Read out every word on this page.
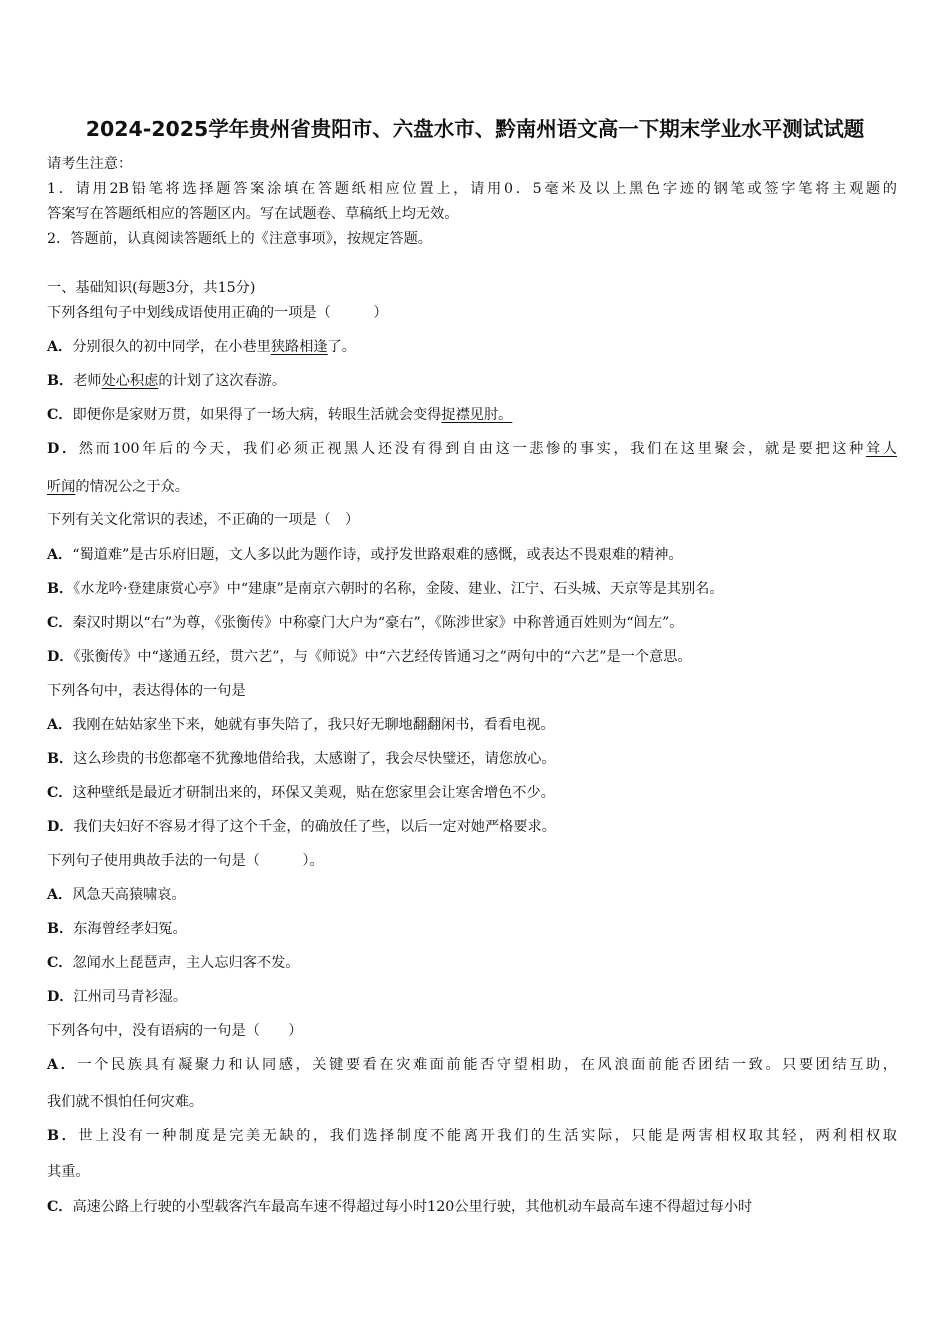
2024-2025学年贵州省贵阳市、六盘水市、黔南州语文高一下期末学业水平测试试题
请考生注意：
1．请用2B铅笔将选择题答案涂填在答题纸相应位置上，请用0．5毫米及以上黑色字迹的钢笔或签字笔将主观题的
答案写在答题纸相应的答题区内。写在试题卷、草稿纸上均无效。
2．答题前，认真阅读答题纸上的《注意事项》，按规定答题。
一、基础知识(每题3分，共15分)
下列各组句子中划线成语使用正确的一项是（　　　）
A．分别很久的初中同学，在小巷里狭路相逢了。
B．老师处心积虑的计划了这次春游。
C．即便你是家财万贯，如果得了一场大病，转眼生活就会变得捉襟见肘。
D．然而100年后的今天，我们必须正视黑人还没有得到自由这一悲惨的事实，我们在这里聚会，就是要把这种耸人
听闻的情况公之于众。
下列有关文化常识的表述，不正确的一项是（　）
A．“蜀道难”是古乐府旧题，文人多以此为题作诗，或抒发世路艰难的感慨，或表达不畏艰难的精神。
B．《水龙吟·登建康赏心亭》中“建康”是南京六朝时的名称，金陵、建业、江宁、石头城、天京等是其别名。
C．秦汉时期以“右”为尊，《张衡传》中称豪门大户为“豪右”，《陈涉世家》中称普通百姓则为“闾左”。
D．《张衡传》中“遂通五经，贯六艺”，与《师说》中“六艺经传皆通习之”两句中的“六艺”是一个意思。
下列各句中，表达得体的一句是
A．我刚在姑姑家坐下来，她就有事失陪了，我只好无聊地翻翻闲书，看看电视。
B．这么珍贵的书您都毫不犹豫地借给我，太感谢了，我会尽快璧还，请您放心。
C．这种壁纸是最近才研制出来的，环保又美观，贴在您家里会让寒舍增色不少。
D．我们夫妇好不容易才得了这个千金，的确放任了些，以后一定对她严格要求。
下列句子使用典故手法的一句是（　　　）。
A．风急天高猿啸哀。
B．东海曾经孝妇冤。
C．忽闻水上琵琶声，主人忘归客不发。
D．江州司马青衫湿。
下列各句中，没有语病的一句是（　　）
A．一个民族具有凝聚力和认同感，关键要看在灾难面前能否守望相助，在风浪面前能否团结一致。只要团结互助，
我们就不惧怕任何灾难。
B．世上没有一种制度是完美无缺的，我们选择制度不能离开我们的生活实际，只能是两害相权取其轻，两利相权取
其重。
C．高速公路上行驶的小型载客汽车最高车速不得超过每小时120公里行驶，其他机动车最高车速不得超过每小时
